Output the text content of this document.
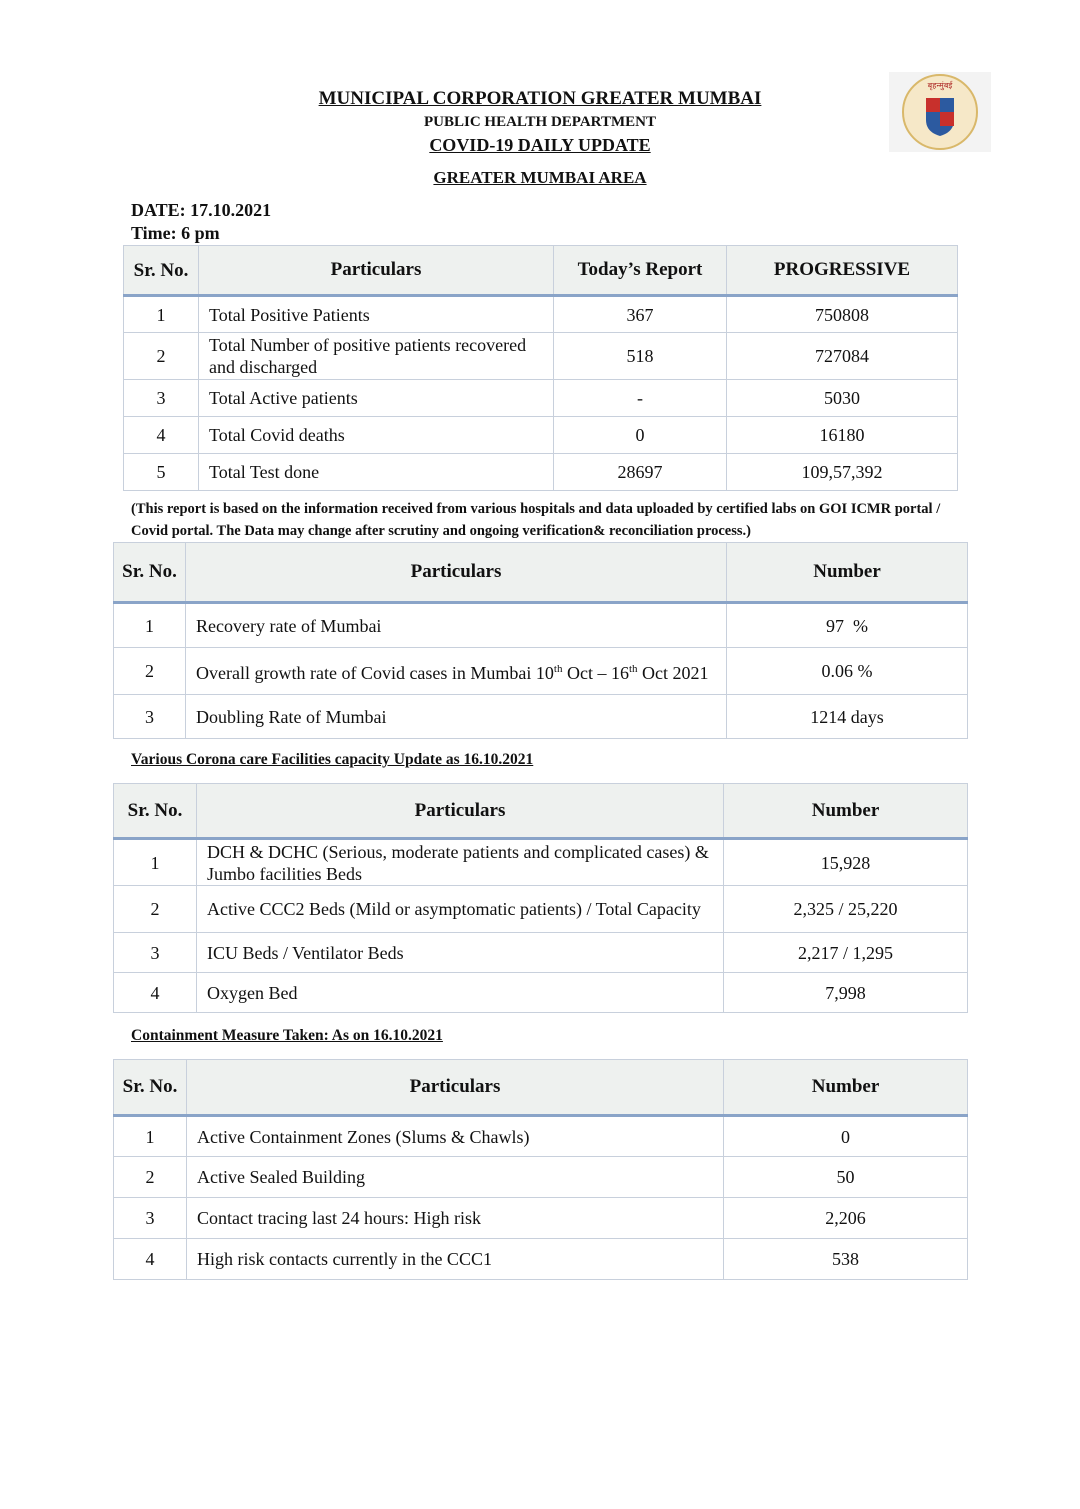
MUNICIPAL CORPORATION GREATER MUMBAI
PUBLIC HEALTH DEPARTMENT
COVID-19 DAILY UPDATE
GREATER MUMBAI AREA
बृहन्मुंबई
DATE: 17.10.2021
Time: 6 pm
Sr. No.	Particulars	Today’s Report	PROGRESSIVE
1	Total Positive Patients	367	750808
2	Total Number of positive patients recovered and discharged	518	727084
3	Total Active patients	-	5030
4	Total Covid deaths	0	16180
5	Total Test done	28697	109,57,392
(This report is based on the information received from various hospitals and data uploaded by certified labs on GOI ICMR portal / Covid portal. The Data may change after scrutiny and ongoing verification& reconciliation process.)
Sr. No.	Particulars	Number
1	Recovery rate of Mumbai	97  %
2	Overall growth rate of Covid cases in Mumbai 10th Oct – 16th Oct 2021	0.06 %
3	Doubling Rate of Mumbai	1214 days
Various Corona care Facilities capacity Update as 16.10.2021
Sr. No.	Particulars	Number
1	DCH & DCHC (Serious, moderate patients and complicated cases) & Jumbo facilities Beds	15,928
2	Active CCC2 Beds (Mild or asymptomatic patients) / Total Capacity	2,325 / 25,220
3	ICU Beds / Ventilator Beds	2,217 / 1,295
4	Oxygen Bed	7,998
Containment Measure Taken: As on 16.10.2021
Sr. No.	Particulars	Number
1	Active Containment Zones (Slums & Chawls)	0
2	Active Sealed Building	50
3	Contact tracing last 24 hours: High risk	2,206
4	High risk contacts currently in the CCC1	538
